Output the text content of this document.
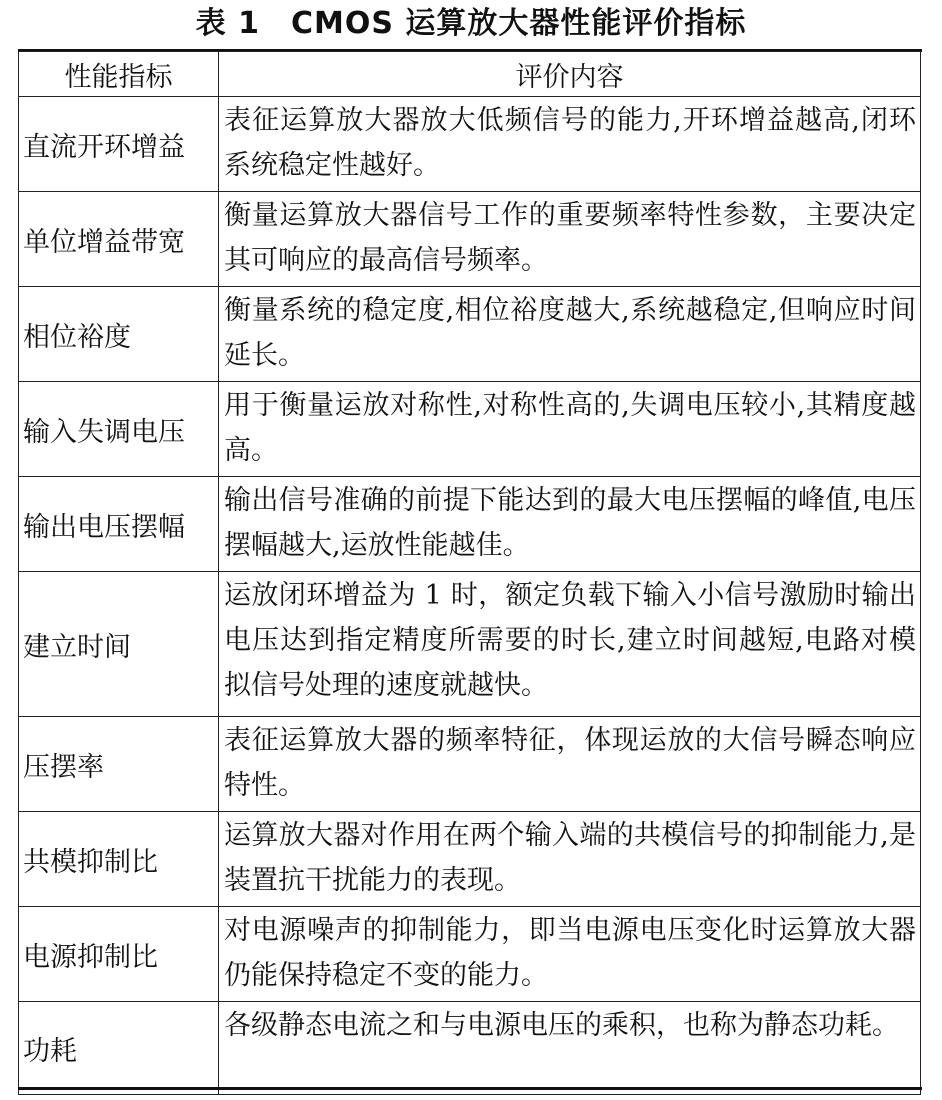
表 1　CMOS 运算放大器性能评价指标
性能指标	评价内容
直流开环增益	表征运算放大器放大低频信号的能力,开环增益越高,闭环系统稳定性越好。
单位增益带宽	衡量运算放大器信号工作的重要频率特性参数，主要决定其可响应的最高信号频率。
相位裕度	衡量系统的稳定度,相位裕度越大,系统越稳定,但响应时间延长。
输入失调电压	用于衡量运放对称性,对称性高的,失调电压较小,其精度越高。
输出电压摆幅	输出信号准确的前提下能达到的最大电压摆幅的峰值,电压摆幅越大,运放性能越佳。
建立时间	运放闭环增益为 1 时，额定负载下输入小信号激励时输出电压达到指定精度所需要的时长,建立时间越短,电路对模拟信号处理的速度就越快。
压摆率	表征运算放大器的频率特征，体现运放的大信号瞬态响应特性。
共模抑制比	运算放大器对作用在两个输入端的共模信号的抑制能力,是装置抗干扰能力的表现。
电源抑制比	对电源噪声的抑制能力，即当电源电压变化时运算放大器仍能保持稳定不变的能力。
功耗	各级静态电流之和与电源电压的乘积，也称为静态功耗。
